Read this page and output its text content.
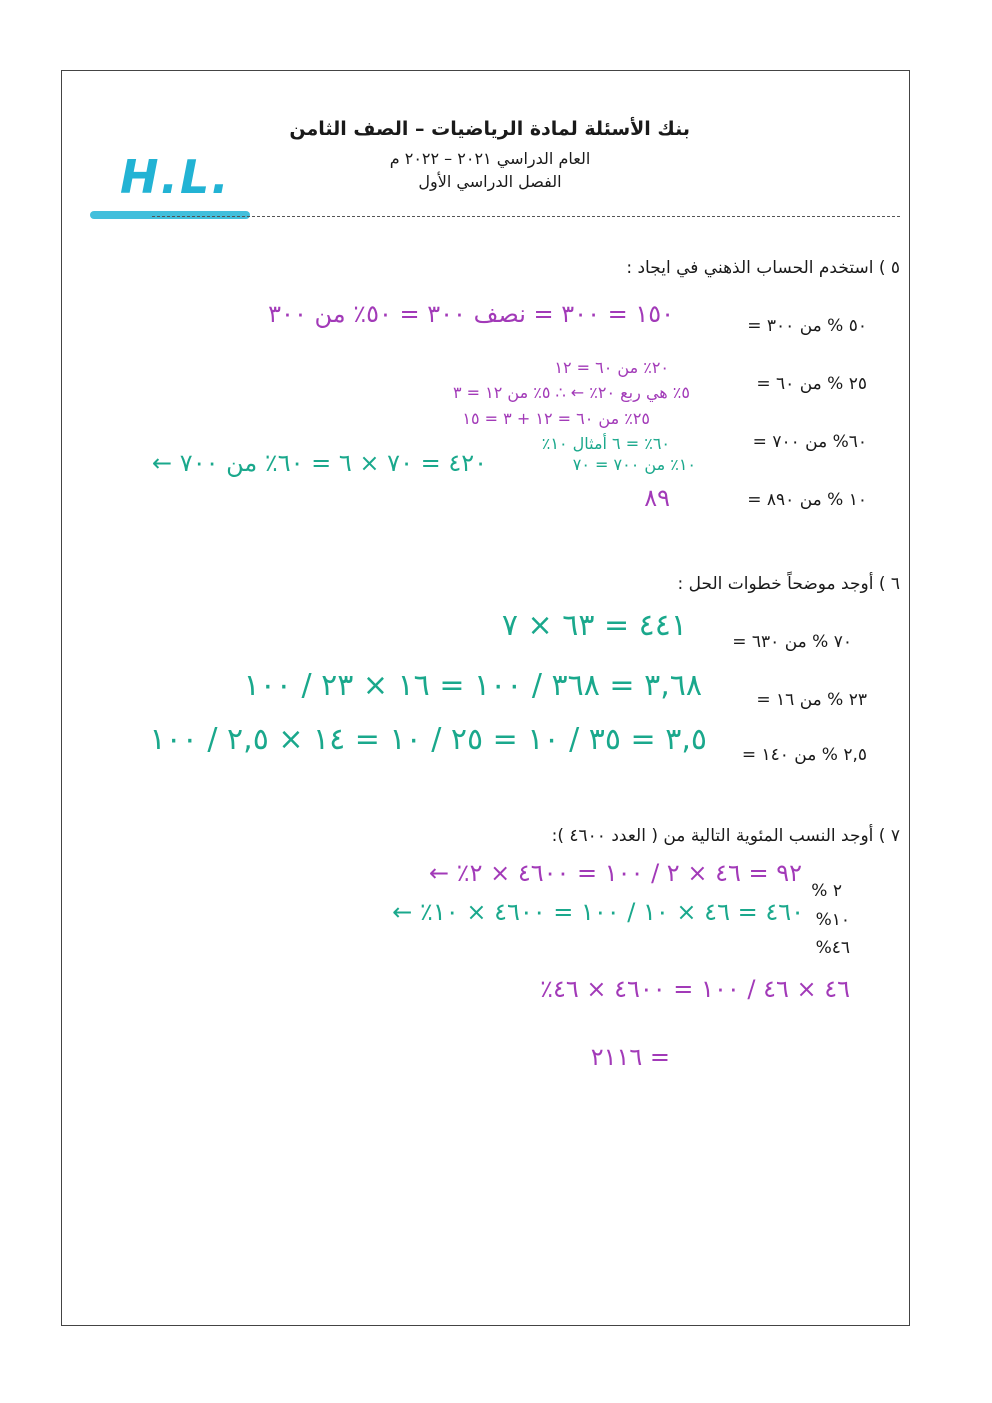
H.L.
بنك الأسئلة لمادة الرياضيات – الصف الثامن
العام الدراسي ٢٠٢١ – ٢٠٢٢ م
الفصل الدراسي الأول
٥ ) استخدم الحساب الذهني في ايجاد :
٥٠ % من ٣٠٠ =
١٥٠ = ٣٠٠ = نصف ٣٠٠ = ٥٠٪ من ٣٠٠
٢٥ % من ٦٠ =
٢٠٪ من ٦٠ = ١٢
٥٪ هي ربع ٢٠٪ ← ∴ ٥٪ من ١٢ = ٣
٢٥٪ من ٦٠ = ١٢ + ٣ = ١٥
٦٠% من ٧٠٠ =
٦٠٪ = ٦ أمثال ١٠٪
١٠٪ من ٧٠٠ = ٧٠
٤٢٠ = ٧٠ × ٦ = ٦٠٪ من ٧٠٠ ←
١٠ % من ٨٩٠ =
٨٩
٦ ) أوجد موضحاً خطوات الحل :
٧٠ % من ٦٣٠ =
٤٤١ = ٦٣ × ٧
٢٣ % من ١٦ =
٣,٦٨ = ٣٦٨ / ١٠٠ = ١٦ × ٢٣ / ١٠٠
٢,٥ % من ١٤٠ =
٣,٥ = ٣٥ / ١٠ = ٢٥ / ١٠ = ١٤ × ٢,٥ / ١٠٠
٧ ) أوجد النسب المئوية التالية من ( العدد ٤٦٠٠ ):
٢ %
٩٢ = ٤٦ × ٢ / ١٠٠ = ٤٦٠٠ × ٢٪ ←
١٠%
٤٦٠ = ٤٦ × ١٠ / ١٠٠ = ٤٦٠٠ × ١٠٪ ←
٤٦%
٤٦ × ٤٦ / ١٠٠ = ٤٦٠٠ × ٤٦٪
= ٢١١٦
